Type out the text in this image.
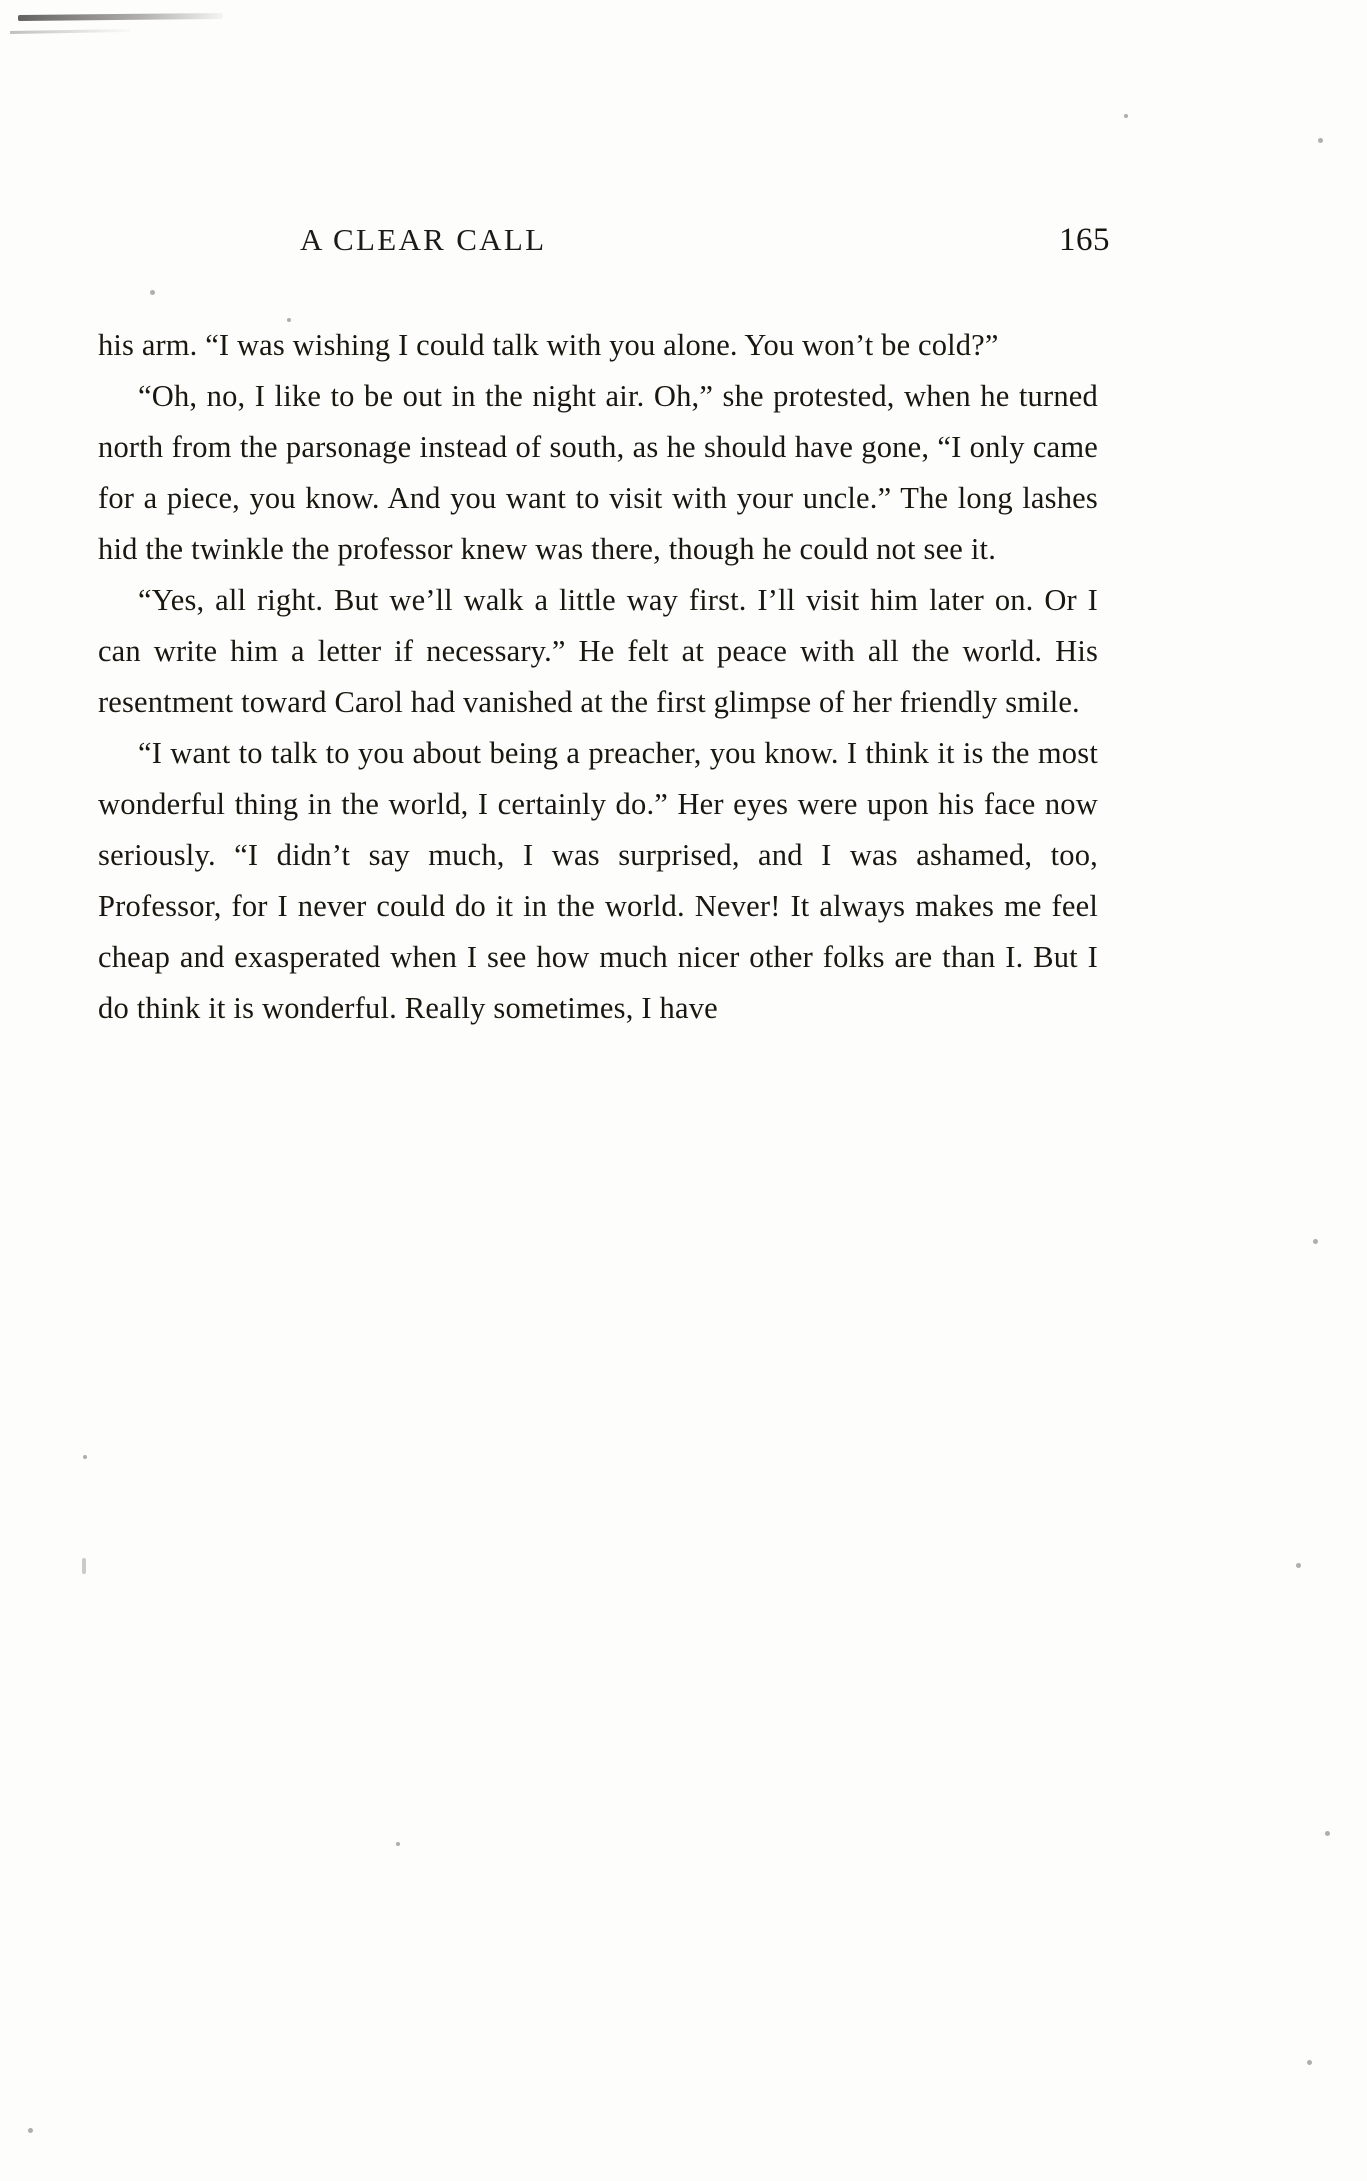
A CLEAR CALL	165

his arm. “I was wishing I could talk with you alone. You won’t be cold?”

“Oh, no, I like to be out in the night air. Oh,” she protested, when he turned north from the parsonage instead of south, as he should have gone, “I only came for a piece, you know. And you want to visit with your uncle.” The long lashes hid the twinkle the professor knew was there, though he could not see it.

“Yes, all right. But we’ll walk a little way first. I’ll visit him later on. Or I can write him a letter if necessary.” He felt at peace with all the world. His resentment toward Carol had vanished at the first glimpse of her friendly smile.

“I want to talk to you about being a preacher, you know. I think it is the most wonderful thing in the world, I certainly do.” Her eyes were upon his face now seriously. “I didn’t say much, I was surprised, and I was ashamed, too, Professor, for I never could do it in the world. Never! It always makes me feel cheap and exasperated when I see how much nicer other folks are than I. But I do think it is wonderful. Really sometimes, I have
